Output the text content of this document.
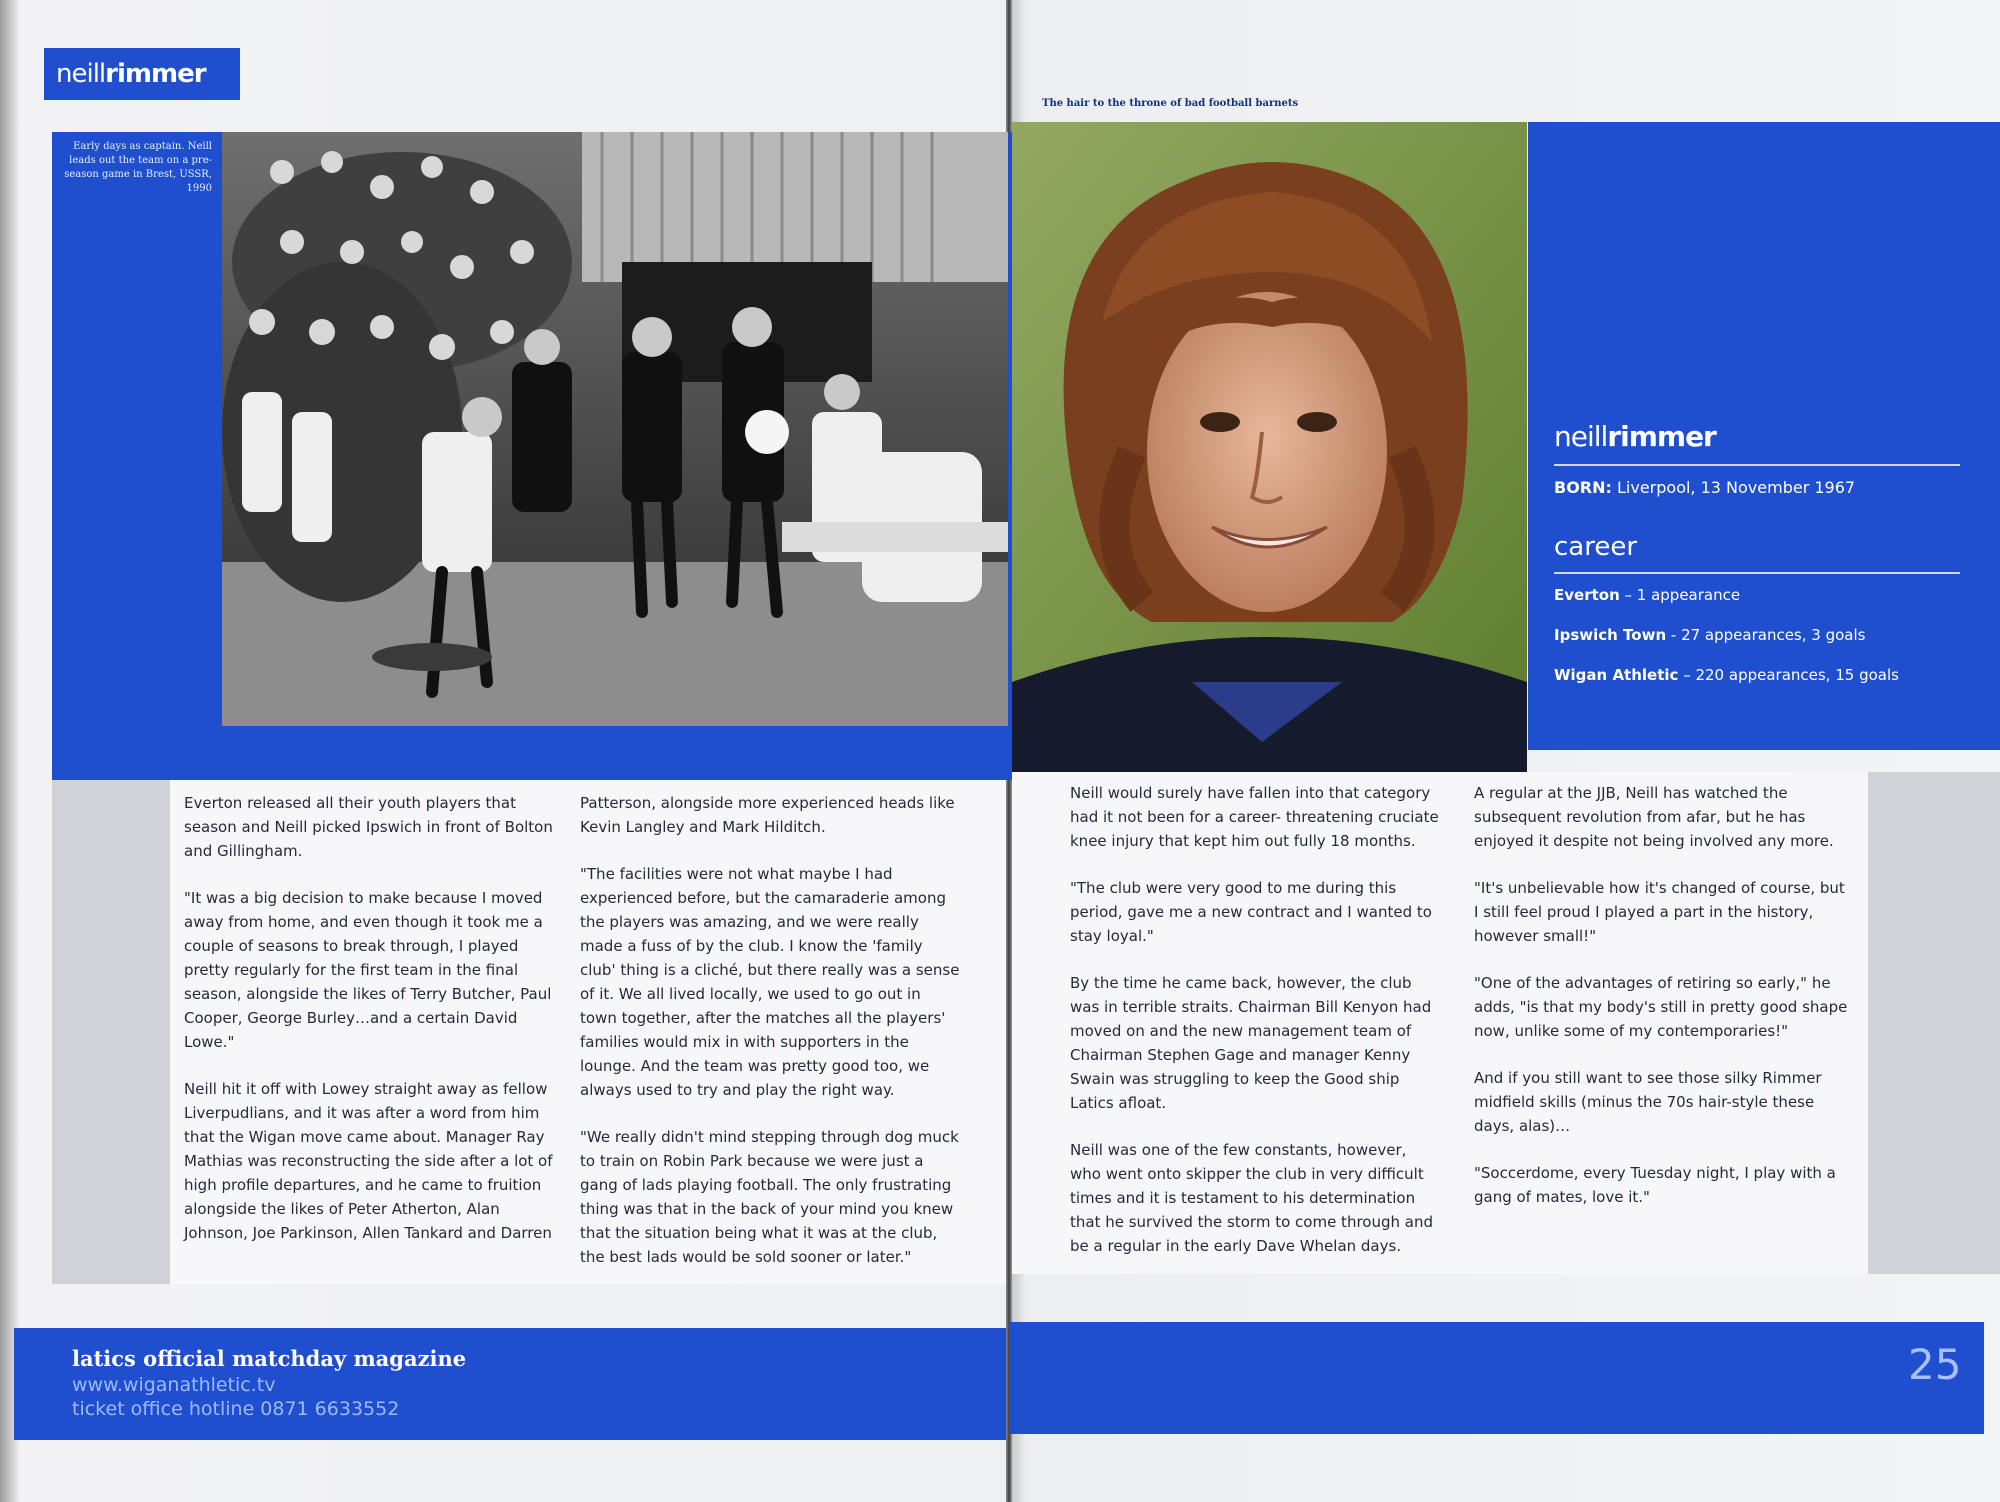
neillrimmer
Early days as captain. Neill leads out the team on a pre-season game in Brest, USSR, 1990
The hair to the throne of bad football barnets
neillrimmer
BORN: Liverpool, 13 November 1967
career
Everton – 1 appearance
Ipswich Town - 27 appearances, 3 goals
Wigan Athletic – 220 appearances, 15 goals

Everton released all their youth players that season and Neill picked Ipswich in front of Bolton and Gillingham.

"It was a big decision to make because I moved away from home, and even though it took me a couple of seasons to break through, I played pretty regularly for the first team in the final season, alongside the likes of Terry Butcher, Paul Cooper, George Burley…and a certain David Lowe."

Neill hit it off with Lowey straight away as fellow Liverpudlians, and it was after a word from him that the Wigan move came about. Manager Ray Mathias was reconstructing the side after a lot of high profile departures, and he came to fruition alongside the likes of Peter Atherton, Alan Johnson, Joe Parkinson, Allen Tankard and Darren

Patterson, alongside more experienced heads like Kevin Langley and Mark Hilditch.

"The facilities were not what maybe I had experienced before, but the camaraderie among the players was amazing, and we were really made a fuss of by the club. I know the 'family club' thing is a cliché, but there really was a sense of it. We all lived locally, we used to go out in town together, after the matches all the players' families would mix in with supporters in the lounge. And the team was pretty good too, we always used to try and play the right way.

"We really didn't mind stepping through dog muck to train on Robin Park because we were just a gang of lads playing football. The only frustrating thing was that in the back of your mind you knew that the situation being what it was at the club, the best lads would be sold sooner or later."

Neill would surely have fallen into that category had it not been for a career- threatening cruciate knee injury that kept him out fully 18 months.

"The club were very good to me during this period, gave me a new contract and I wanted to stay loyal."

By the time he came back, however, the club was in terrible straits. Chairman Bill Kenyon had moved on and the new management team of Chairman Stephen Gage and manager Kenny Swain was struggling to keep the Good ship Latics afloat.

Neill was one of the few constants, however, who went onto skipper the club in very difficult times and it is testament to his determination that he survived the storm to come through and be a regular in the early Dave Whelan days.

A regular at the JJB, Neill has watched the subsequent revolution from afar, but he has enjoyed it despite not being involved any more.

"It's unbelievable how it's changed of course, but I still feel proud I played a part in the history, however small!"

"One of the advantages of retiring so early," he adds, "is that my body's still in pretty good shape now, unlike some of my contemporaries!"

And if you still want to see those silky Rimmer midfield skills (minus the 70s hair-style these days, alas)…

"Soccerdome, every Tuesday night, I play with a gang of mates, love it."

latics official matchday magazine
www.wiganathletic.tv
ticket office hotline 0871 6633552
25
